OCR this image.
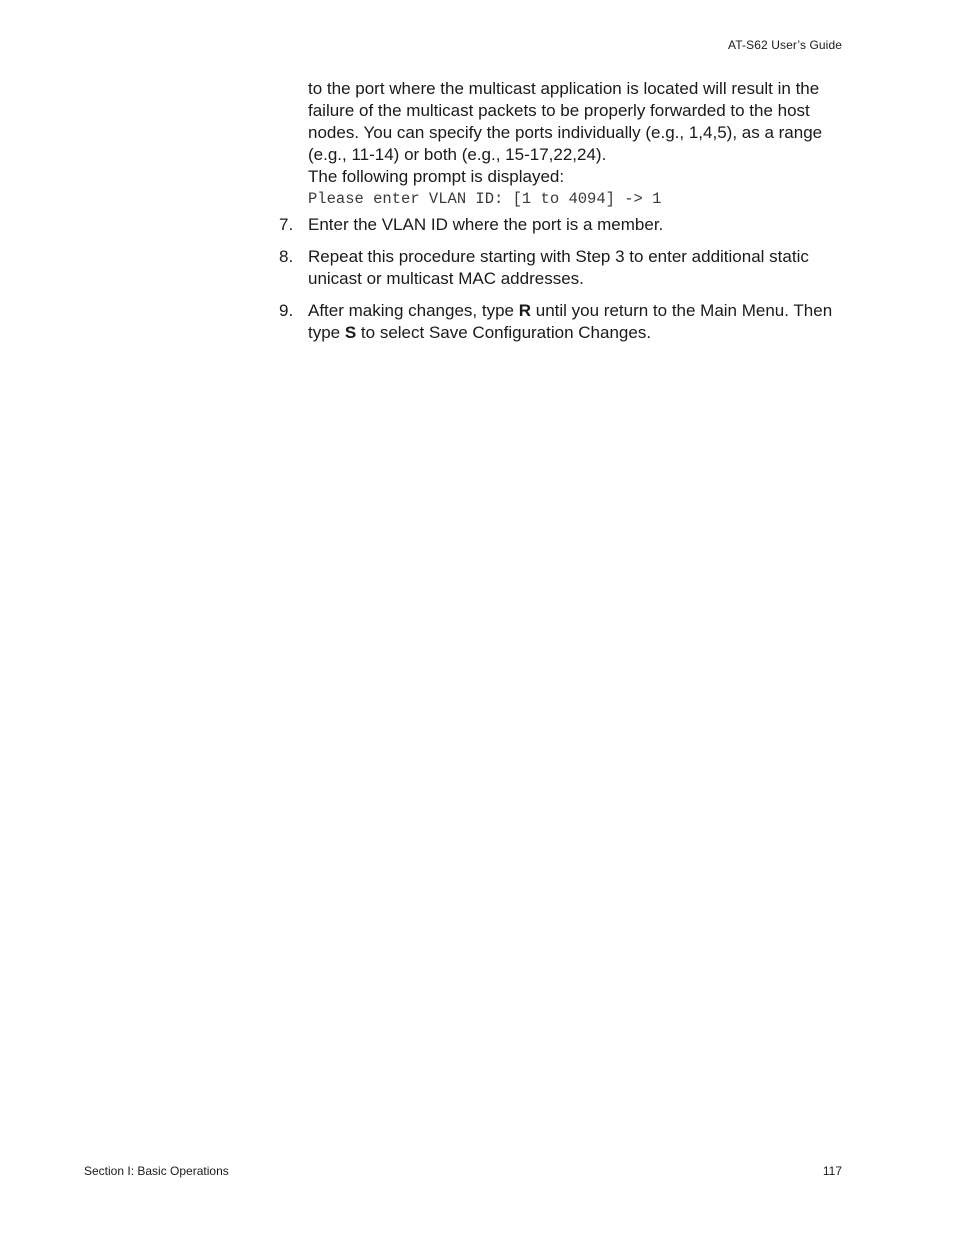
AT-S62 User’s Guide

to the port where the multicast application is located will result in the failure of the multicast packets to be properly forwarded to the host nodes. You can specify the ports individually (e.g., 1,4,5), as a range (e.g., 11-14) or both (e.g., 15-17,22,24).

The following prompt is displayed:

Please enter VLAN ID: [1 to 4094] -> 1
7. Enter the VLAN ID where the port is a member.
8. Repeat this procedure starting with Step 3 to enter additional static unicast or multicast MAC addresses.
9. After making changes, type R until you return to the Main Menu. Then type S to select Save Configuration Changes.
Section I: Basic Operations	117
